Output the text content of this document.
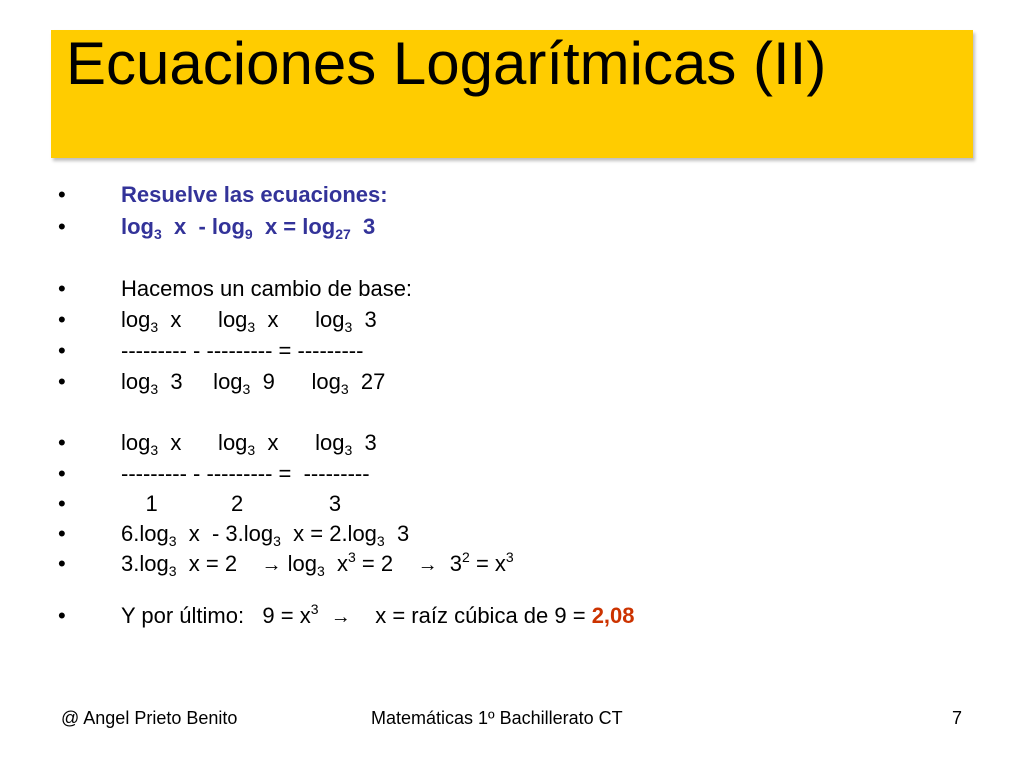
Ecuaciones Logarítmicas (II)
•	Resuelve las ecuaciones:
•	$\log_3 x - \log_9 x = \log_{27} 3$
•	Hacemos un cambio de base:
•	$\log_3 x$      $\log_3 x$      $\log_3 3$
•	--------- - --------- = ---------
•	$\log_3 3$     $\log_3 9$      $\log_3 27$
•	$\log_3 x$      $\log_3 x$      $\log_3 3$
•	--------- - --------- =  ---------
•	1            2              3
•	$6.\log_3$  x  - $3.\log_3$  $x = 2.\log_3$  3
•	$3.\log_3$  x = 2    → $\log_3 x^3 = 2$    →  $3^2 = x^3$
•	Y por último:   $9 = x^3$ →    x = raíz cúbica de 9 = 2,08
@ Angel Prieto Benito	Matemáticas 1º Bachillerato CT	7
